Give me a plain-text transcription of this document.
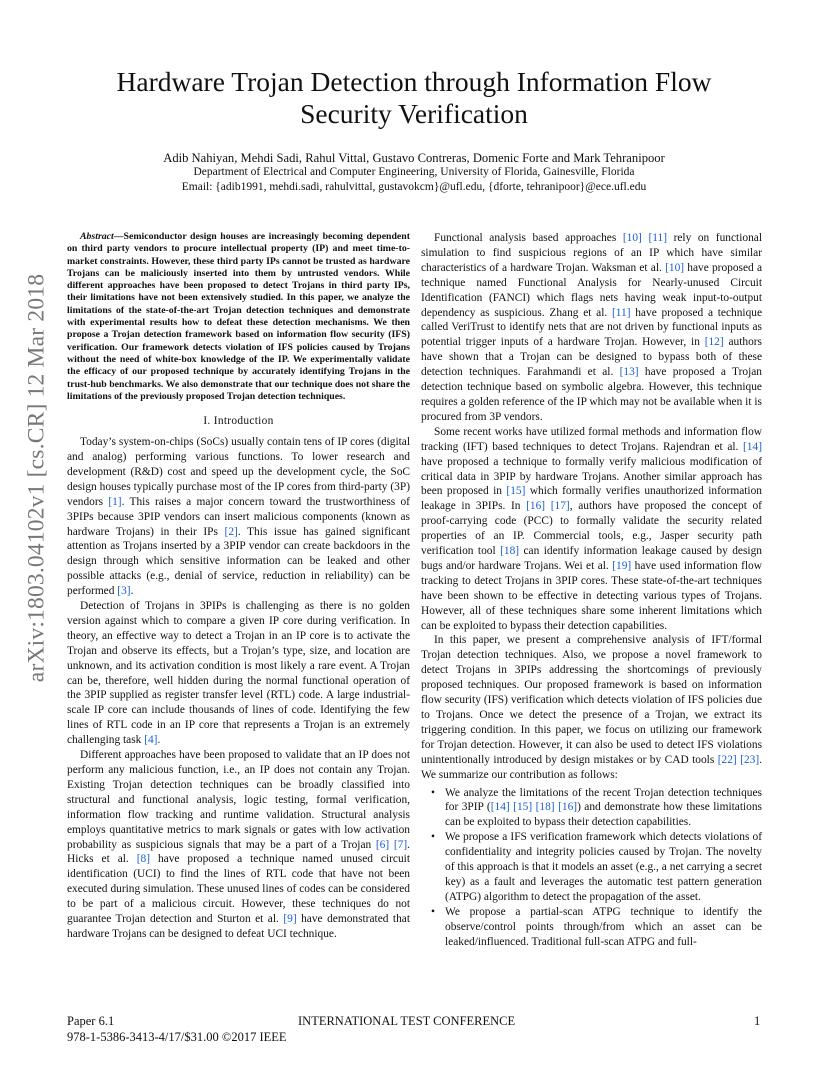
arXiv:1803.04102v1 [cs.CR] 12 Mar 2018
Hardware Trojan Detection through Information Flow Security Verification
Adib Nahiyan, Mehdi Sadi, Rahul Vittal, Gustavo Contreras, Domenic Forte and Mark Tehranipoor
Department of Electrical and Computer Engineering, University of Florida, Gainesville, Florida
Email: {adib1991, mehdi.sadi, rahulvittal, gustavokcm}@ufl.edu, {dforte, tehranipoor}@ece.ufl.edu

Abstract—Semiconductor design houses are increasingly becoming dependent on third party vendors to procure intellectual property (IP) and meet time-to-market constraints. However, these third party IPs cannot be trusted as hardware Trojans can be maliciously inserted into them by untrusted vendors. While different approaches have been proposed to detect Trojans in third party IPs, their limitations have not been extensively studied. In this paper, we analyze the limitations of the state-of-the-art Trojan detection techniques and demonstrate with experimental results how to defeat these detection mechanisms. We then propose a Trojan detection framework based on information flow security (IFS) verification. Our framework detects violation of IFS policies caused by Trojans without the need of white-box knowledge of the IP. We experimentally validate the efficacy of our proposed technique by accurately identifying Trojans in the trust-hub benchmarks. We also demonstrate that our technique does not share the limitations of the previously proposed Trojan detection techniques.

I. Introduction

Today’s system-on-chips (SoCs) usually contain tens of IP cores (digital and analog) performing various functions. To lower research and development (R&D) cost and speed up the development cycle, the SoC design houses typically purchase most of the IP cores from third-party (3P) vendors [1]. This raises a major concern toward the trustworthiness of 3PIPs because 3PIP vendors can insert malicious components (known as hardware Trojans) in their IPs [2]. This issue has gained significant attention as Trojans inserted by a 3PIP vendor can create backdoors in the design through which sensitive information can be leaked and other possible attacks (e.g., denial of service, reduction in reliability) can be performed [3].

Detection of Trojans in 3PIPs is challenging as there is no golden version against which to compare a given IP core during verification. In theory, an effective way to detect a Trojan in an IP core is to activate the Trojan and observe its effects, but a Trojan’s type, size, and location are unknown, and its activation condition is most likely a rare event. A Trojan can be, therefore, well hidden during the normal functional operation of the 3PIP supplied as register transfer level (RTL) code. A large industrial-scale IP core can include thousands of lines of code. Identifying the few lines of RTL code in an IP core that represents a Trojan is an extremely challenging task [4].

Different approaches have been proposed to validate that an IP does not perform any malicious function, i.e., an IP does not contain any Trojan. Existing Trojan detection techniques can be broadly classified into structural and functional analysis, logic testing, formal verification, information flow tracking and runtime validation. Structural analysis employs quantitative metrics to mark signals or gates with low activation probability as suspicious signals that may be a part of a Trojan [6] [7]. Hicks et al. [8] have proposed a technique named unused circuit identification (UCI) to find the lines of RTL code that have not been executed during simulation. These unused lines of codes can be considered to be part of a malicious circuit. However, these techniques do not guarantee Trojan detection and Sturton et al. [9] have demonstrated that hardware Trojans can be designed to defeat UCI technique.

Functional analysis based approaches [10] [11] rely on functional simulation to find suspicious regions of an IP which have similar characteristics of a hardware Trojan. Waksman et al. [10] have proposed a technique named Functional Analysis for Nearly-unused Circuit Identification (FANCI) which flags nets having weak input-to-output dependency as suspicious. Zhang et al. [11] have proposed a technique called VeriTrust to identify nets that are not driven by functional inputs as potential trigger inputs of a hardware Trojan. However, in [12] authors have shown that a Trojan can be designed to bypass both of these detection techniques. Farahmandi et al. [13] have proposed a Trojan detection technique based on symbolic algebra. However, this technique requires a golden reference of the IP which may not be available when it is procured from 3P vendors.

Some recent works have utilized formal methods and information flow tracking (IFT) based techniques to detect Trojans. Rajendran et al. [14] have proposed a technique to formally verify malicious modification of critical data in 3PIP by hardware Trojans. Another similar approach has been proposed in [15] which formally verifies unauthorized information leakage in 3PIPs. In [16] [17], authors have proposed the concept of proof-carrying code (PCC) to formally validate the security related properties of an IP. Commercial tools, e.g., Jasper security path verification tool [18] can identify information leakage caused by design bugs and/or hardware Trojans. Wei et al. [19] have used information flow tracking to detect Trojans in 3PIP cores. These state-of-the-art techniques have been shown to be effective in detecting various types of Trojans. However, all of these techniques share some inherent limitations which can be exploited to bypass their detection capabilities.

In this paper, we present a comprehensive analysis of IFT/formal Trojan detection techniques. Also, we propose a novel framework to detect Trojans in 3PIPs addressing the shortcomings of previously proposed techniques. Our proposed framework is based on information flow security (IFS) verification which detects violation of IFS policies due to Trojans. Once we detect the presence of a Trojan, we extract its triggering condition. In this paper, we focus on utilizing our framework for Trojan detection. However, it can also be used to detect IFS violations unintentionally introduced by design mistakes or by CAD tools [22] [23]. We summarize our contribution as follows:

• We analyze the limitations of the recent Trojan detection techniques for 3PIP ([14] [15] [18] [16]) and demonstrate how these limitations can be exploited to bypass their detection capabilities.
• We propose a IFS verification framework which detects violations of confidentiality and integrity policies caused by Trojan. The novelty of this approach is that it models an asset (e.g., a net carrying a secret key) as a fault and leverages the automatic test pattern generation (ATPG) algorithm to detect the propagation of the asset.
• We propose a partial-scan ATPG technique to identify the observe/control points through/from which an asset can be leaked/influenced. Traditional full-scan ATPG and full-
Paper 6.1	INTERNATIONAL TEST CONFERENCE	1
978-1-5386-3413-4/17/$31.00 ©2017 IEEE
